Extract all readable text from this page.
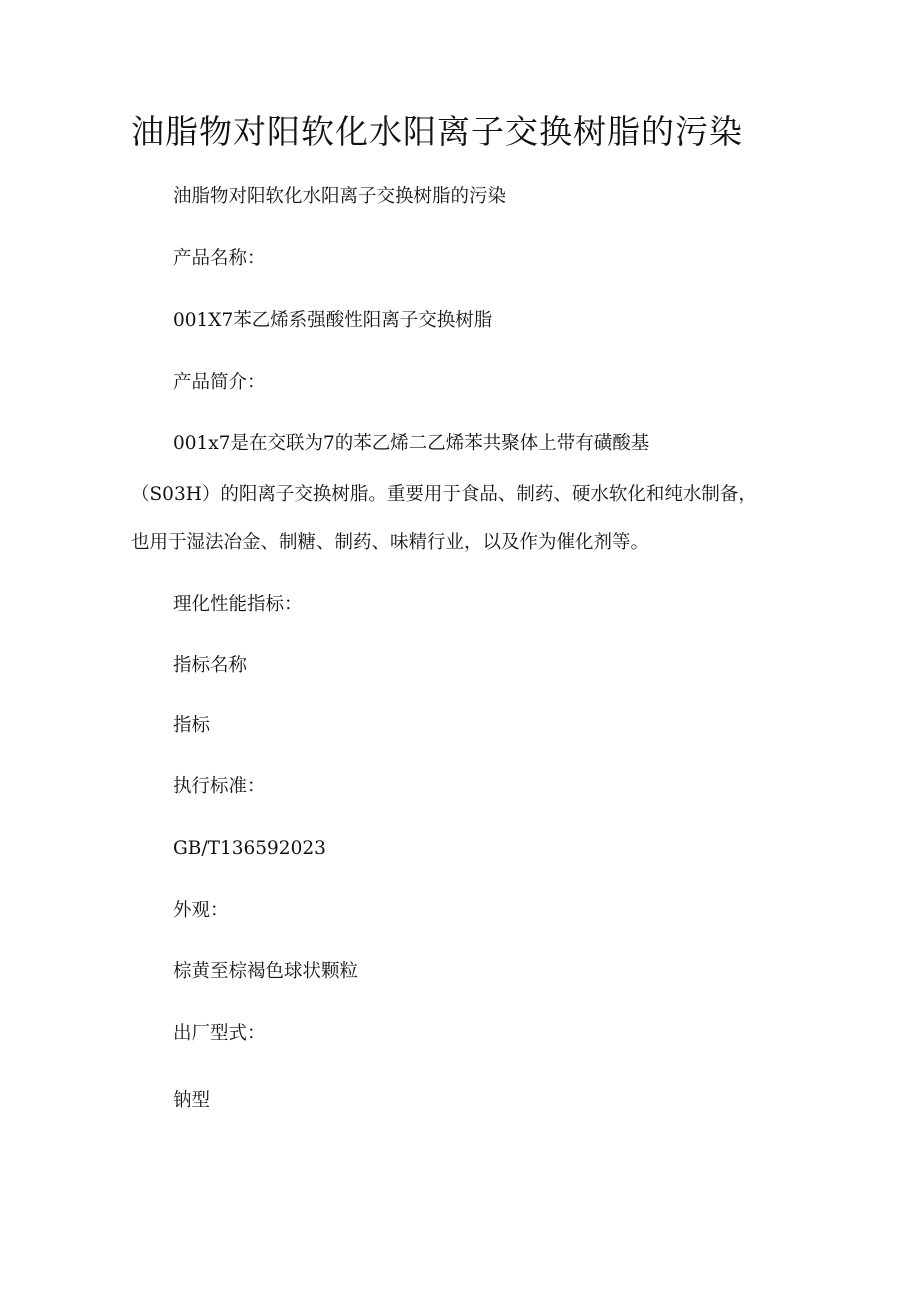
油脂物对阳软化水阳离子交换树脂的污染

油脂物对阳软化水阳离子交换树脂的污染

产品名称：

001X7苯乙烯系强酸性阳离子交换树脂

产品简介：

001x7是在交联为7的苯乙烯二乙烯苯共聚体上带有磺酸基

（S03H）的阳离子交换树脂。重要用于食品、制药、硬水软化和纯水制备，

也用于湿法冶金、制糖、制药、味精行业，以及作为催化剂等。

理化性能指标：

指标名称

指标

执行标准：

GB/T136592023

外观：

棕黄至棕褐色球状颗粒

出厂型式：

钠型
